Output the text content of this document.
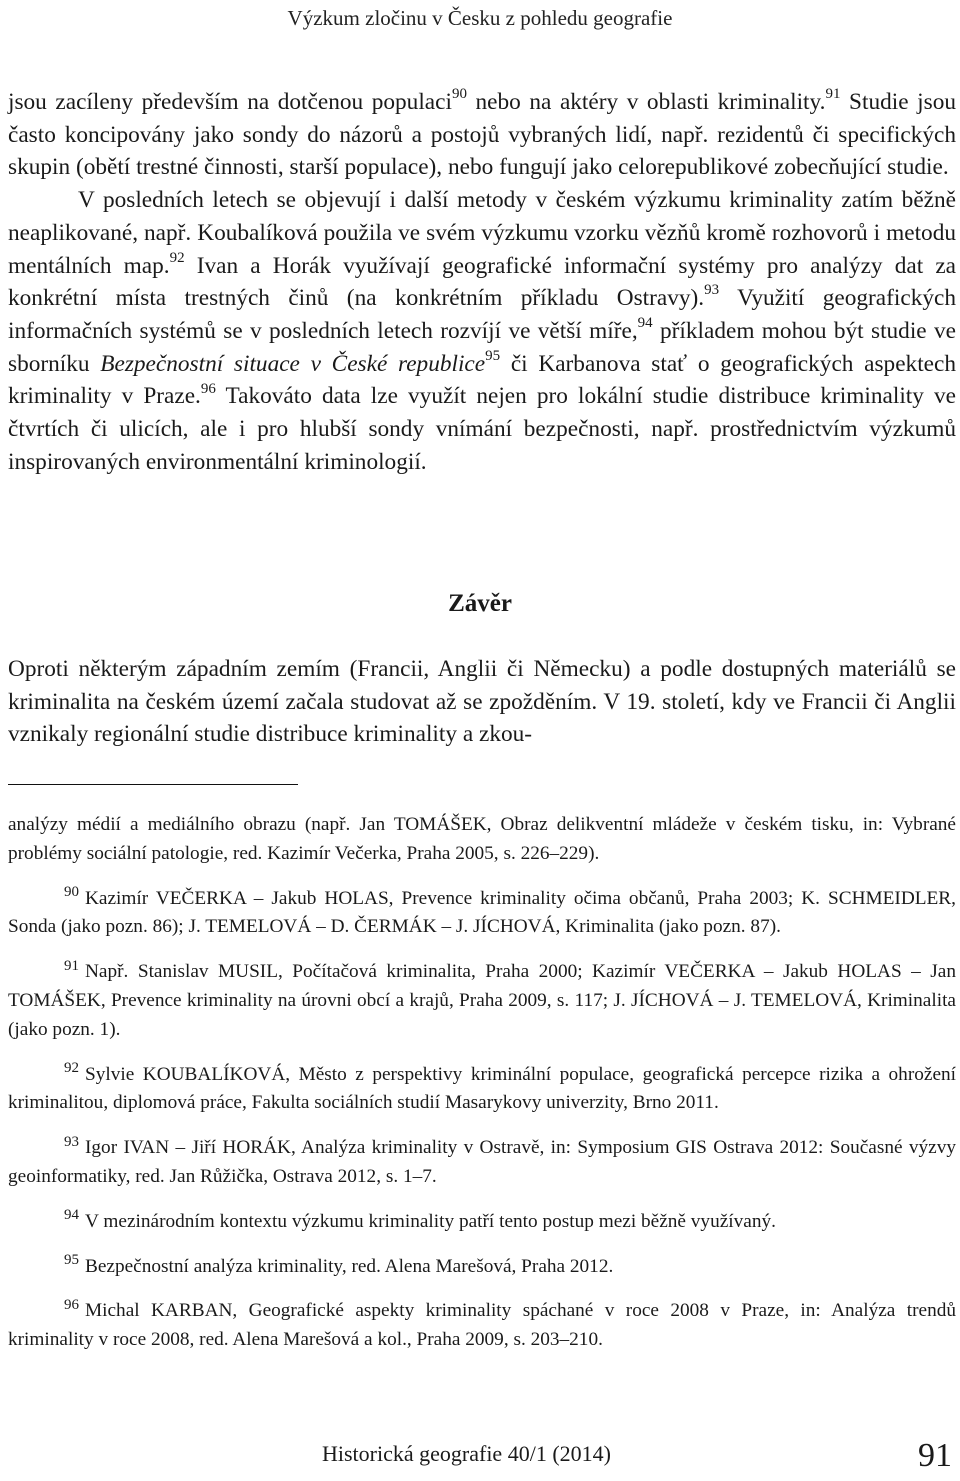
Výzkum zločinu v Česku z pohledu geografie

jsou zacíleny především na dotčenou populaci$^{90}$ nebo na aktéry v oblasti kriminality.$^{91}$ Studie jsou často koncipovány jako sondy do názorů a postojů vybraných lidí, např. rezidentů či specifických skupin (obětí trestné činnosti, starší populace), nebo fungují jako celorepublikové zobecňující studie.

V posledních letech se objevují i další metody v českém výzkumu kriminality zatím běžně neaplikované, např. Koubalíková použila ve svém výzkumu vzorku vězňů kromě rozhovorů i metodu mentálních map.$^{92}$ Ivan a Horák využívají geografické informační systémy pro analýzy dat za konkrétní místa trestných činů (na konkrétním příkladu Ostravy).$^{93}$ Využití geografických informačních systémů se v posledních letech rozvíjí ve větší míře,$^{94}$ příkladem mohou být studie ve sborníku Bezpečnostní situace v České republice$^{95}$ či Karbanova stať o geografických aspektech kriminality v Praze.$^{96}$ Takováto data lze využít nejen pro lokální studie distribuce kriminality ve čtvrtích či ulicích, ale i pro hlubší sondy vnímání bezpečnosti, např. prostřednictvím výzkumů inspirovaných environmentální kriminologií.

Závěr

Oproti některým západním zemím (Francii, Anglii či Německu) a podle dostupných materiálů se kriminalita na českém území začala studovat až se zpožděním. V 19. století, kdy ve Francii či Anglii vznikaly regionální studie distribuce kriminality a zkou-

analýzy médií a mediálního obrazu (např. Jan TOMÁŠEK, Obraz delikventní mládeže v českém tisku, in: Vybrané problémy sociální patologie, red. Kazimír Večerka, Praha 2005, s. 226–229).

$^{90}$ Kazimír VEČERKA – Jakub HOLAS, Prevence kriminality očima občanů, Praha 2003; K. SCHMEIDLER, Sonda (jako pozn. 86); J. TEMELOVÁ – D. ČERMÁK – J. JÍCHOVÁ, Kriminalita (jako pozn. 87).

$^{91}$ Např. Stanislav MUSIL, Počítačová kriminalita, Praha 2000; Kazimír VEČERKA – Jakub HOLAS – Jan TOMÁŠEK, Prevence kriminality na úrovni obcí a krajů, Praha 2009, s. 117; J. JÍCHOVÁ – J. TEMELOVÁ, Kriminalita (jako pozn. 1).

$^{92}$ Sylvie KOUBALÍKOVÁ, Město z perspektivy kriminální populace, geografická percepce rizika a ohrožení kriminalitou, diplomová práce, Fakulta sociálních studií Masarykovy univerzity, Brno 2011.

$^{93}$ Igor IVAN – Jiří HORÁK, Analýza kriminality v Ostravě, in: Symposium GIS Ostrava 2012: Současné výzvy geoinformatiky, red. Jan Růžička, Ostrava 2012, s. 1–7.

$^{94}$ V mezinárodním kontextu výzkumu kriminality patří tento postup mezi běžně využívaný.

$^{95}$ Bezpečnostní analýza kriminality, red. Alena Marešová, Praha 2012.

$^{96}$ Michal KARBAN, Geografické aspekty kriminality spáchané v roce 2008 v Praze, in: Analýza trendů kriminality v roce 2008, red. Alena Marešová a kol., Praha 2009, s. 203–210.

Historická geografie 40/1 (2014)	91
